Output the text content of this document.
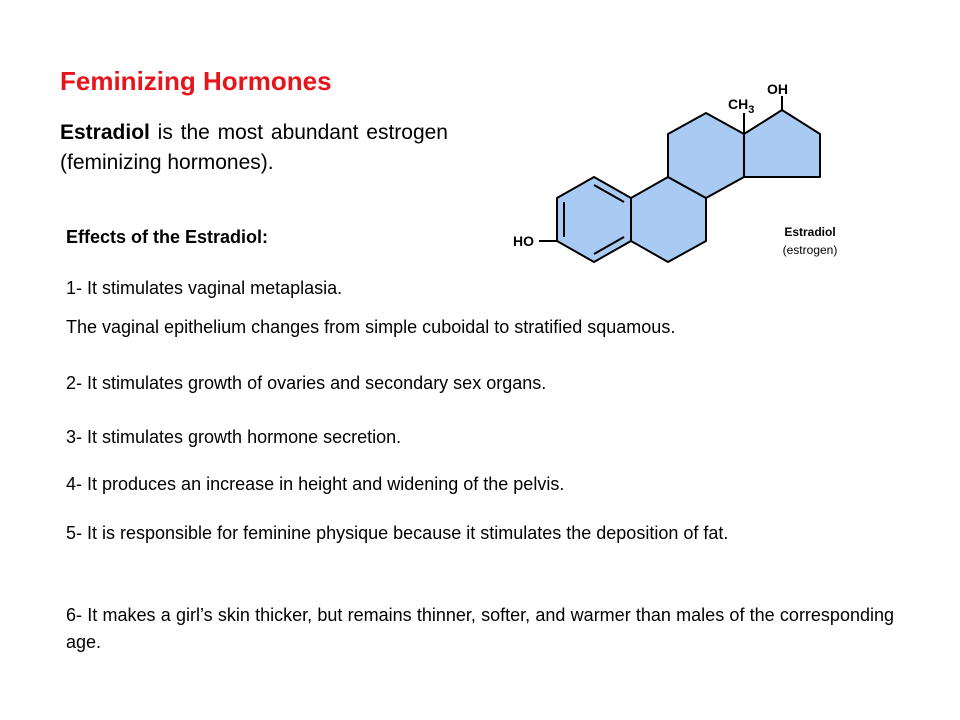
Feminizing Hormones

Estradiol is the most abundant estrogen (feminizing hormones).

OH
$CH_3$
HO
Estradiol
(estrogen)

Effects of the Estradiol:

1- It stimulates vaginal metaplasia.

The vaginal epithelium changes from simple cuboidal to stratified squamous.

2- It stimulates growth of ovaries and secondary sex organs.

3- It stimulates growth hormone secretion.

4- It produces an increase in height and widening of the pelvis.

5- It is responsible for feminine physique because it stimulates the deposition of fat.

6- It makes a girl’s skin thicker, but remains thinner, softer, and warmer than males of the corresponding age.
